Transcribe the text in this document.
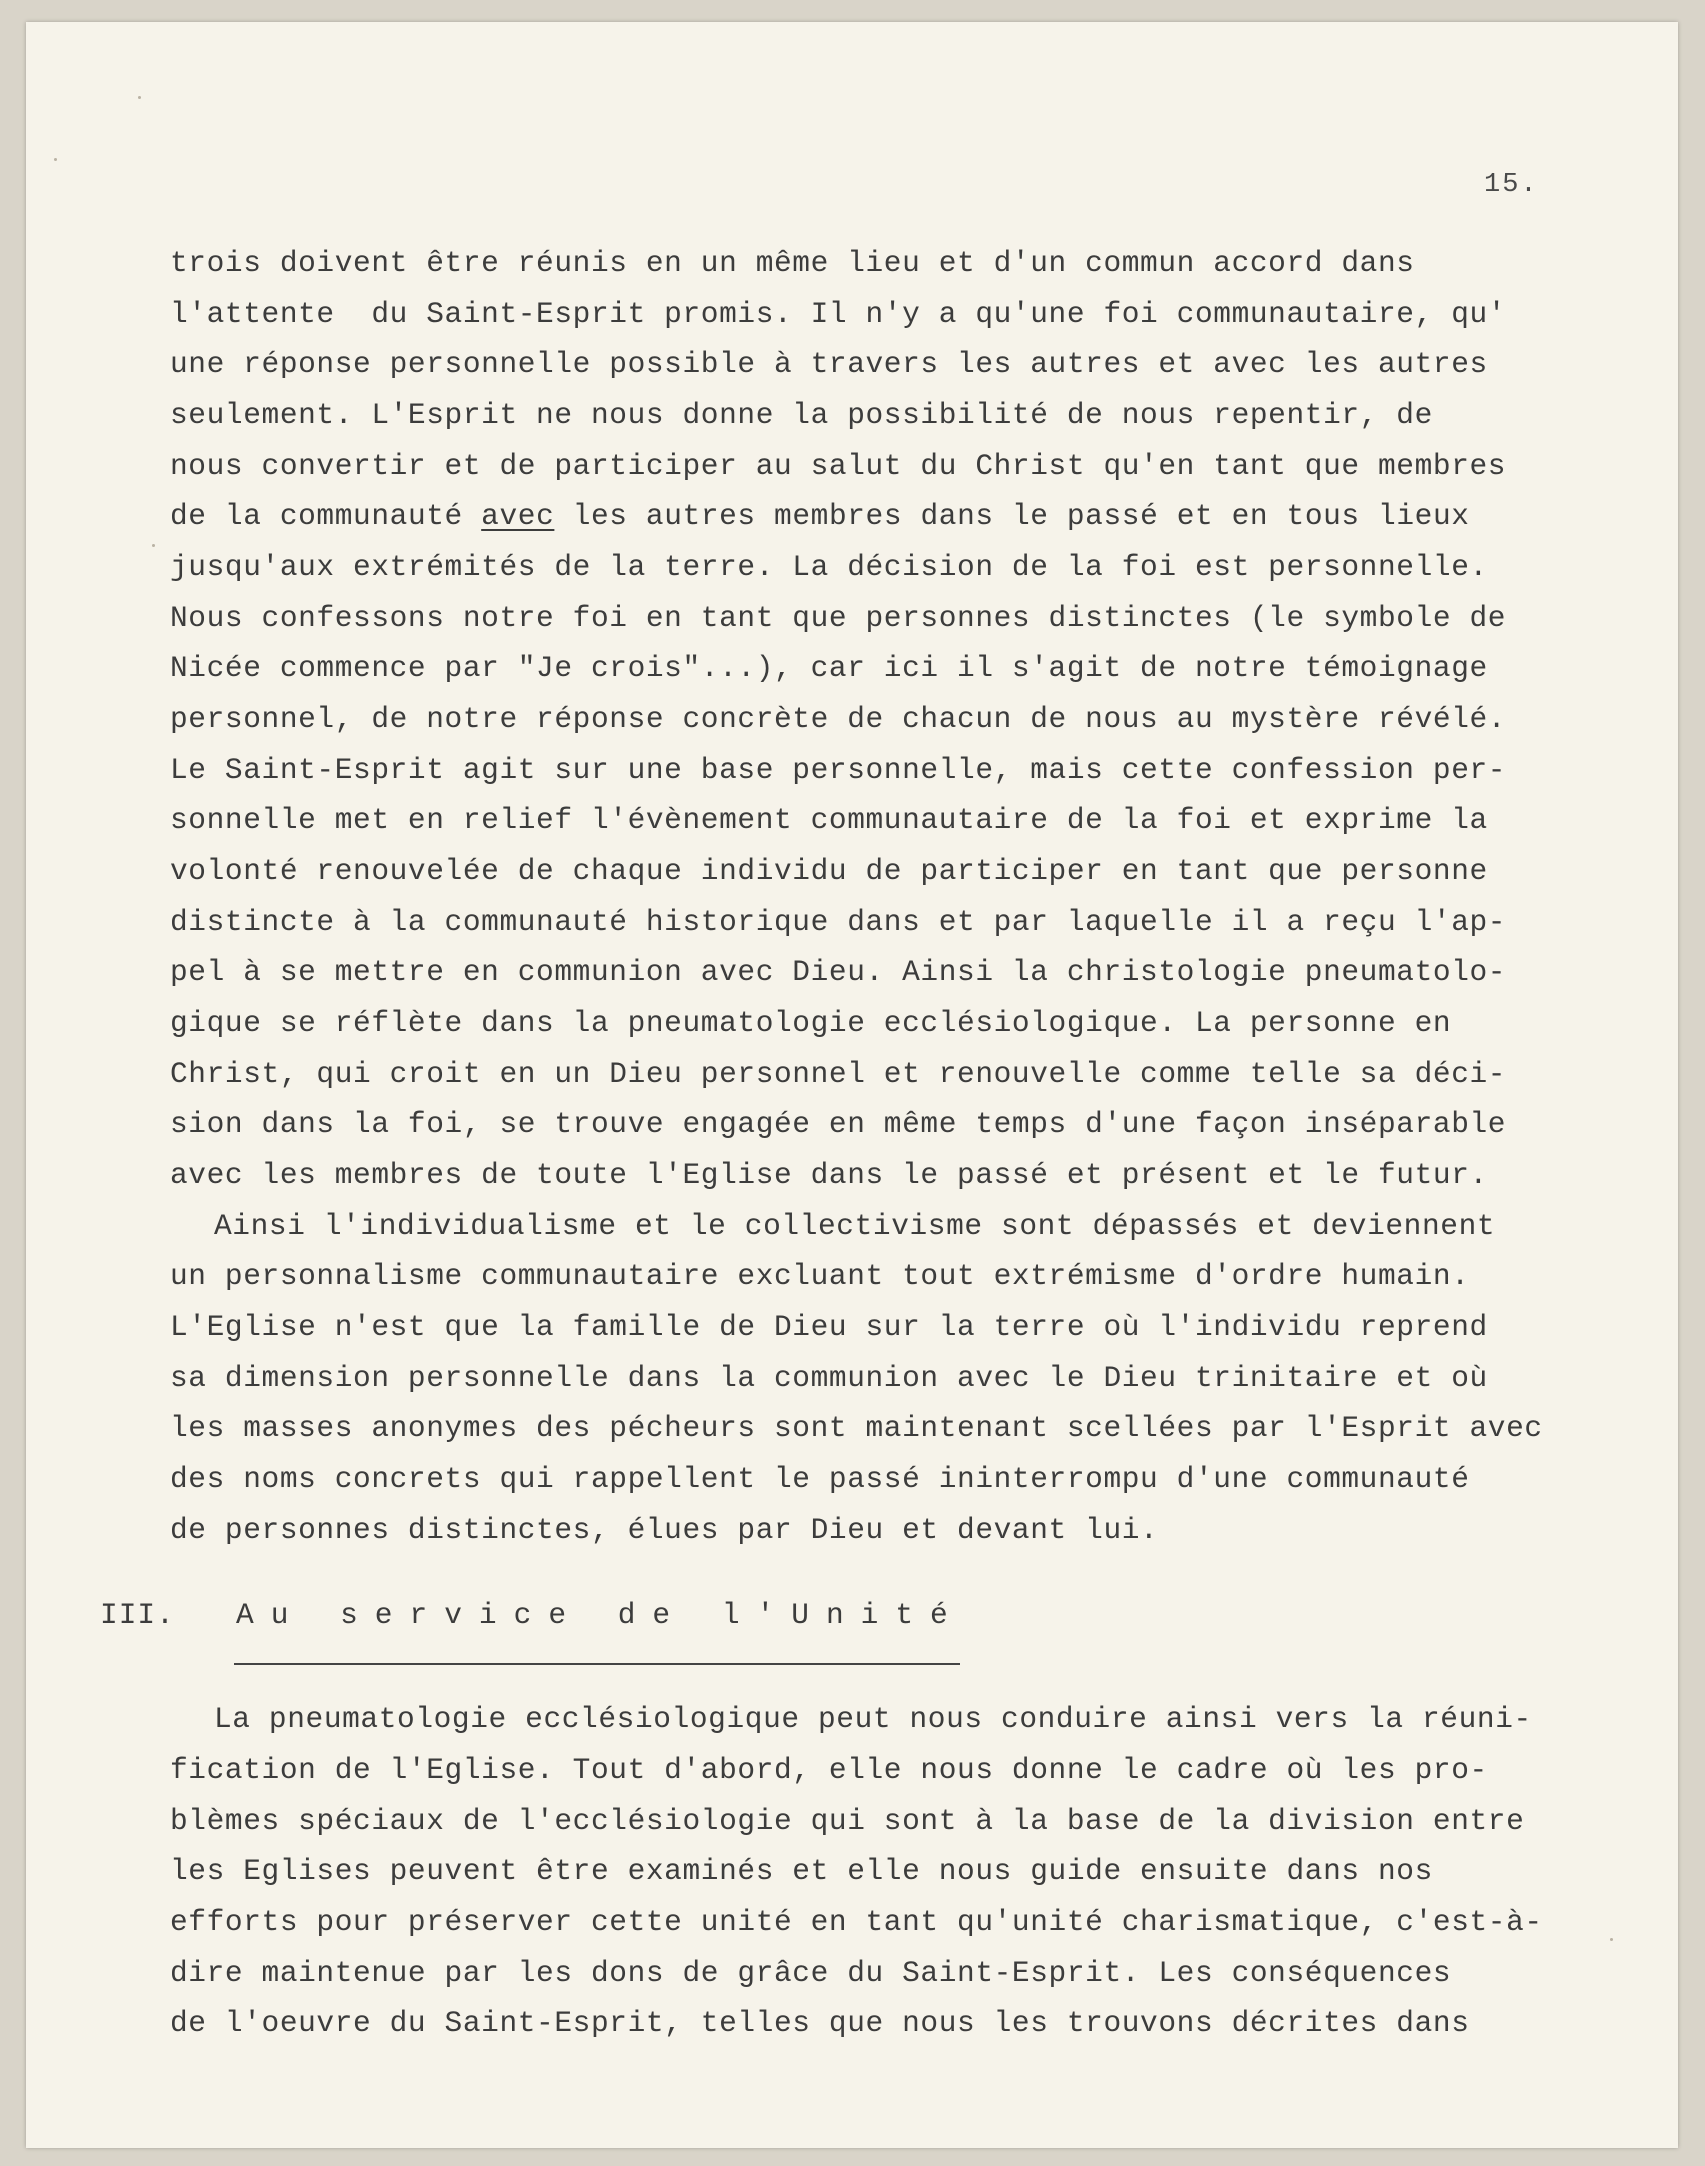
15.
trois doivent être réunis en un même lieu et d'un commun accord dans
l'attente  du Saint-Esprit promis. Il n'y a qu'une foi communautaire, qu'
une réponse personnelle possible à travers les autres et avec les autres
seulement. L'Esprit ne nous donne la possibilité de nous repentir, de
nous convertir et de participer au salut du Christ qu'en tant que membres
de la communauté avec les autres membres dans le passé et en tous lieux
jusqu'aux extrémités de la terre. La décision de la foi est personnelle.
Nous confessons notre foi en tant que personnes distinctes (le symbole de
Nicée commence par "Je crois"...), car ici il s'agit de notre témoignage
personnel, de notre réponse concrète de chacun de nous au mystère révélé.
Le Saint-Esprit agit sur une base personnelle, mais cette confession per-
sonnelle met en relief l'évènement communautaire de la foi et exprime la
volonté renouvelée de chaque individu de participer en tant que personne
distincte à la communauté historique dans et par laquelle il a reçu l'ap-
pel à se mettre en communion avec Dieu. Ainsi la christologie pneumatolo-
gique se réflète dans la pneumatologie ecclésiologique. La personne en
Christ, qui croit en un Dieu personnel et renouvelle comme telle sa déci-
sion dans la foi, se trouve engagée en même temps d'une façon inséparable
avec les membres de toute l'Eglise dans le passé et présent et le futur.
Ainsi l'individualisme et le collectivisme sont dépassés et deviennent
un personnalisme communautaire excluant tout extrémisme d'ordre humain.
L'Eglise n'est que la famille de Dieu sur la terre où l'individu reprend
sa dimension personnelle dans la communion avec le Dieu trinitaire et où
les masses anonymes des pécheurs sont maintenant scellées par l'Esprit avec
des noms concrets qui rappellent le passé ininterrompu d'une communauté
de personnes distinctes, élues par Dieu et devant lui.
III. Au service de l'Unité
La pneumatologie ecclésiologique peut nous conduire ainsi vers la réuni-
fication de l'Eglise. Tout d'abord, elle nous donne le cadre où les pro-
blèmes spéciaux de l'ecclésiologie qui sont à la base de la division entre
les Eglises peuvent être examinés et elle nous guide ensuite dans nos
efforts pour préserver cette unité en tant qu'unité charismatique, c'est-à-
dire maintenue par les dons de grâce du Saint-Esprit. Les conséquences
de l'oeuvre du Saint-Esprit, telles que nous les trouvons décrites dans
